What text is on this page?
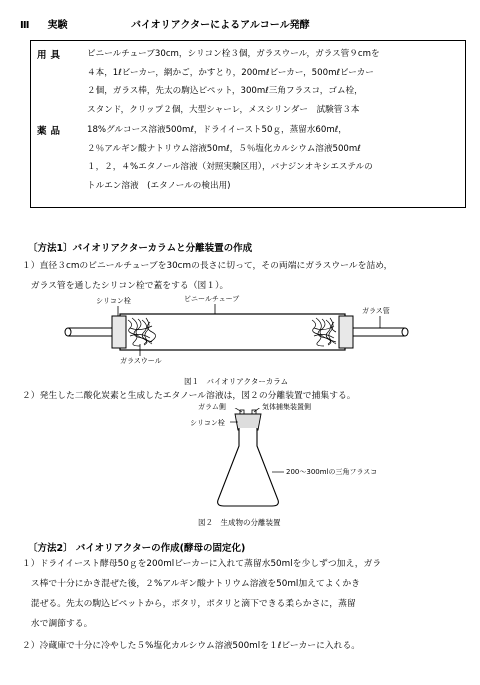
Ⅲ 実験	バイオリアクターによるアルコール発酵
用具	ビニールチューブ30cm，シリコン栓３個，ガラスウール，ガラス管９cmを
４本，1ℓビーカー，網かご，かすとり，200mℓビーカー，500mℓビーカー
２個，ガラス棒，先太の駒込ピペット，300mℓ三角フラスコ，ゴム栓，
スタンド，クリップ２個，大型シャーレ，メスシリンダー　試験管３本
薬品	18%グルコース溶液500mℓ，ドライイースト50ｇ，蒸留水60mℓ，
２％アルギン酸ナトリウム溶液50mℓ，５％塩化カルシウム溶液500mℓ
１，２，４%エタノール溶液（対照実験区用），バナジンオキシエステルの
トルエン溶液　(エタノールの検出用)
〔方法1〕バイオリアクターカラムと分離装置の作成
１）直径３cmのビニールチューブを30cmの長さに切って，その両端にガラスウールを詰め，
　ガラス管を通したシリコン栓で蓋をする（図１）。
シリコン栓	ビニールチューブ
ガラス管
ガラスウール
図１　バイオリアクターカラム
２）発生した二酸化炭素と生成したエタノール溶液は，図２の分離装置で捕集する。
ガラム側	気体捕集装置側
シリコン栓
200～300mlの三角フラスコ
図２　生成物の分離装置
〔方法2〕 バイオリアクターの作成(酵母の固定化)
１）ドライイースト酵母50ｇを200mlビーカーに入れて蒸留水50mlを少しずつ加え，ガラ
　ス棒で十分にかき混ぜた後，２%アルギン酸ナトリウム溶液を50ml加えてよくかき
　混ぜる。先太の駒込ピペットから，ポタリ，ポタリと滴下できる柔らかさに，蒸留
　水で調節する。
２）冷蔵庫で十分に冷やした５%塩化カルシウム溶液500mlを１ℓビーカーに入れる。
